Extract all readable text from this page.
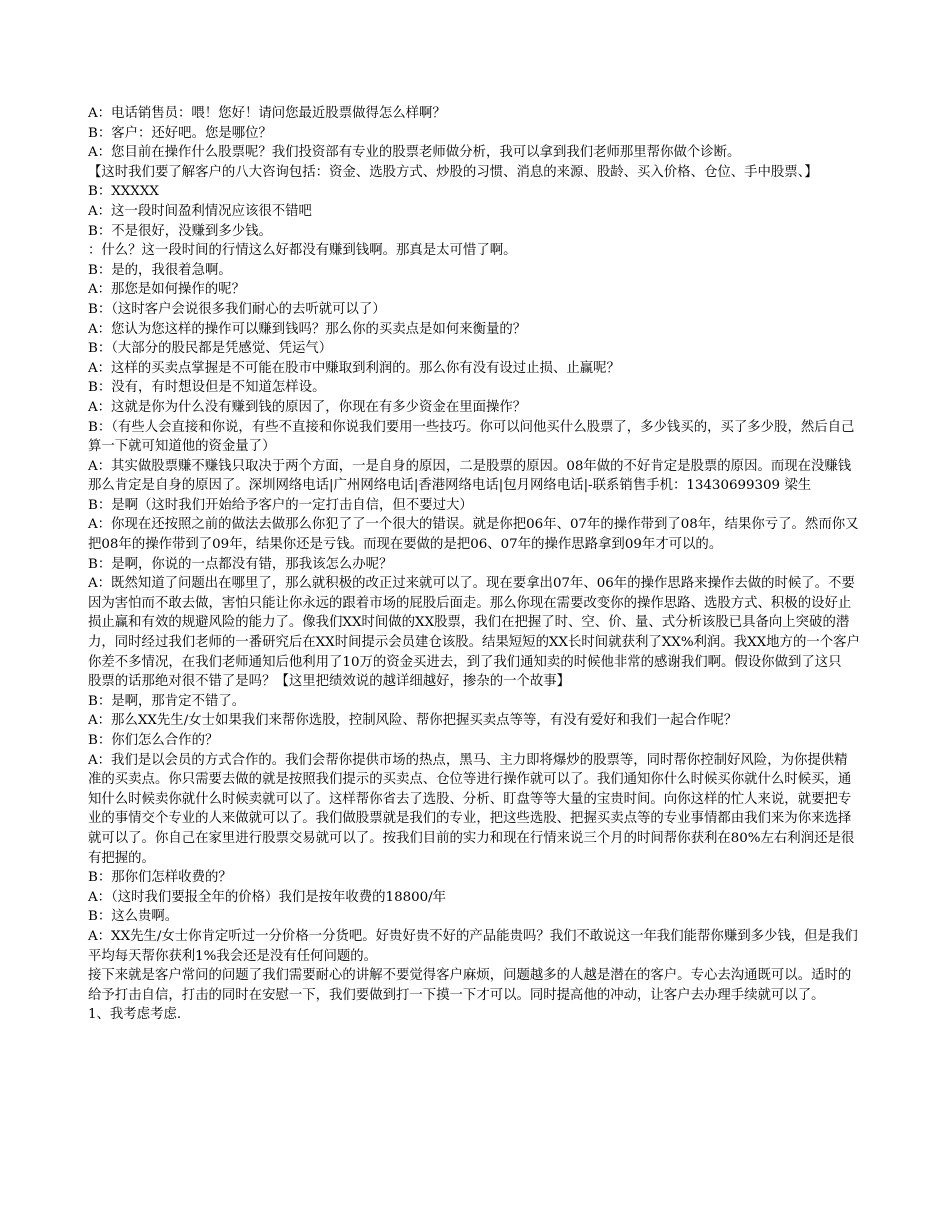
A：电话销售员：喂！您好！请问您最近股票做得怎么样啊？

B：客户：还好吧。您是哪位？

A：您目前在操作什么股票呢？我们投资部有专业的股票老师做分析，我可以拿到我们老师那里帮你做个诊断。

【这时我们要了解客户的八大咨询包括：资金、选股方式、炒股的习惯、消息的来源、股龄、买入价格、仓位、手中股票、】

B：XXXXX

A：这一段时间盈利情况应该很不错吧

B：不是很好，没赚到多少钱。

：什么？这一段时间的行情这么好都没有赚到钱啊。那真是太可惜了啊。

B：是的，我很着急啊。

A：那您是如何操作的呢？

B：（这时客户会说很多我们耐心的去听就可以了）

A：您认为您这样的操作可以赚到钱吗？那么你的买卖点是如何来衡量的？

B：（大部分的股民都是凭感觉、凭运气）

A：这样的买卖点掌握是不可能在股市中赚取到利润的。那么你有没有设过止损、止赢呢？

B：没有，有时想设但是不知道怎样设。

A：这就是你为什么没有赚到钱的原因了，你现在有多少资金在里面操作？

B：（有些人会直接和你说，有些不直接和你说我们要用一些技巧。你可以问他买什么股票了，多少钱买的，买了多少股，然后自己算一下就可知道他的资金量了）

A：其实做股票赚不赚钱只取决于两个方面，一是自身的原因，二是股票的原因。08年做的不好肯定是股票的原因。而现在没赚钱那么肯定是自身的原因了。深圳网络电话|广州网络电话|香港网络电话|包月网络电话|-联系销售手机：13430699309 梁生

B：是啊（这时我们开始给予客户的一定打击自信，但不要过大）

A：你现在还按照之前的做法去做那么你犯了了一个很大的错误。就是你把06年、07年的操作带到了08年，结果你亏了。然而你又把08年的操作带到了09年，结果你还是亏钱。而现在要做的是把06、07年的操作思路拿到09年才可以的。

B：是啊，你说的一点都没有错，那我该怎么办呢？

A：既然知道了问题出在哪里了，那么就积极的改正过来就可以了。现在要拿出07年、06年的操作思路来操作去做的时候了。不要因为害怕而不敢去做，害怕只能让你永远的跟着市场的屁股后面走。那么你现在需要改变你的操作思路、选股方式、积极的设好止损止赢和有效的规避风险的能力了。像我们XX时间做的XX股票，我们在把握了时、空、价、量、式分析该股已具备向上突破的潜力，同时经过我们老师的一番研究后在XX时间提示会员建仓该股。结果短短的XX长时间就获利了XX%利润。我XX地方的一个客户你差不多情况，在我们老师通知后他利用了10万的资金买进去，到了我们通知卖的时候他非常的感谢我们啊。假设你做到了这只

股票的话那绝对很不错了是吗？【这里把绩效说的越详细越好，掺杂的一个故事】

B：是啊，那肯定不错了。

A：那么XX先生/女士如果我们来帮你选股，控制风险、帮你把握买卖点等等，有没有爱好和我们一起合作呢？

B：你们怎么合作的？

A：我们是以会员的方式合作的。我们会帮你提供市场的热点，黑马、主力即将爆炒的股票等，同时帮你控制好风险，为你提供精准的买卖点。你只需要去做的就是按照我们提示的买卖点、仓位等进行操作就可以了。我们通知你什么时候买你就什么时候买，通知什么时候卖你就什么时候卖就可以了。这样帮你省去了选股、分析、盯盘等等大量的宝贵时间。向你这样的忙人来说，就要把专业的事情交个专业的人来做就可以了。我们做股票就是我们的专业，把这些选股、把握买卖点等的专业事情都由我们来为你来选择就可以了。你自己在家里进行股票交易就可以了。按我们目前的实力和现在行情来说三个月的时间帮你获利在80%左右利润还是很有把握的。

B：那你们怎样收费的？

A：（这时我们要报全年的价格）我们是按年收费的18800/年

B：这么贵啊。

A：XX先生/女士你肯定听过一分价格一分货吧。好贵好贵不好的产品能贵吗？我们不敢说这一年我们能帮你赚到多少钱，但是我们平均每天帮你获利1%我会还是没有任何问题的。

接下来就是客户常问的问题了我们需要耐心的讲解不要觉得客户麻烦，问题越多的人越是潜在的客户。专心去沟通既可以。适时的给予打击自信，打击的同时在安慰一下，我们要做到打一下摸一下才可以。同时提高他的冲动，让客户去办理手续就可以了。

1、我考虑考虑.
